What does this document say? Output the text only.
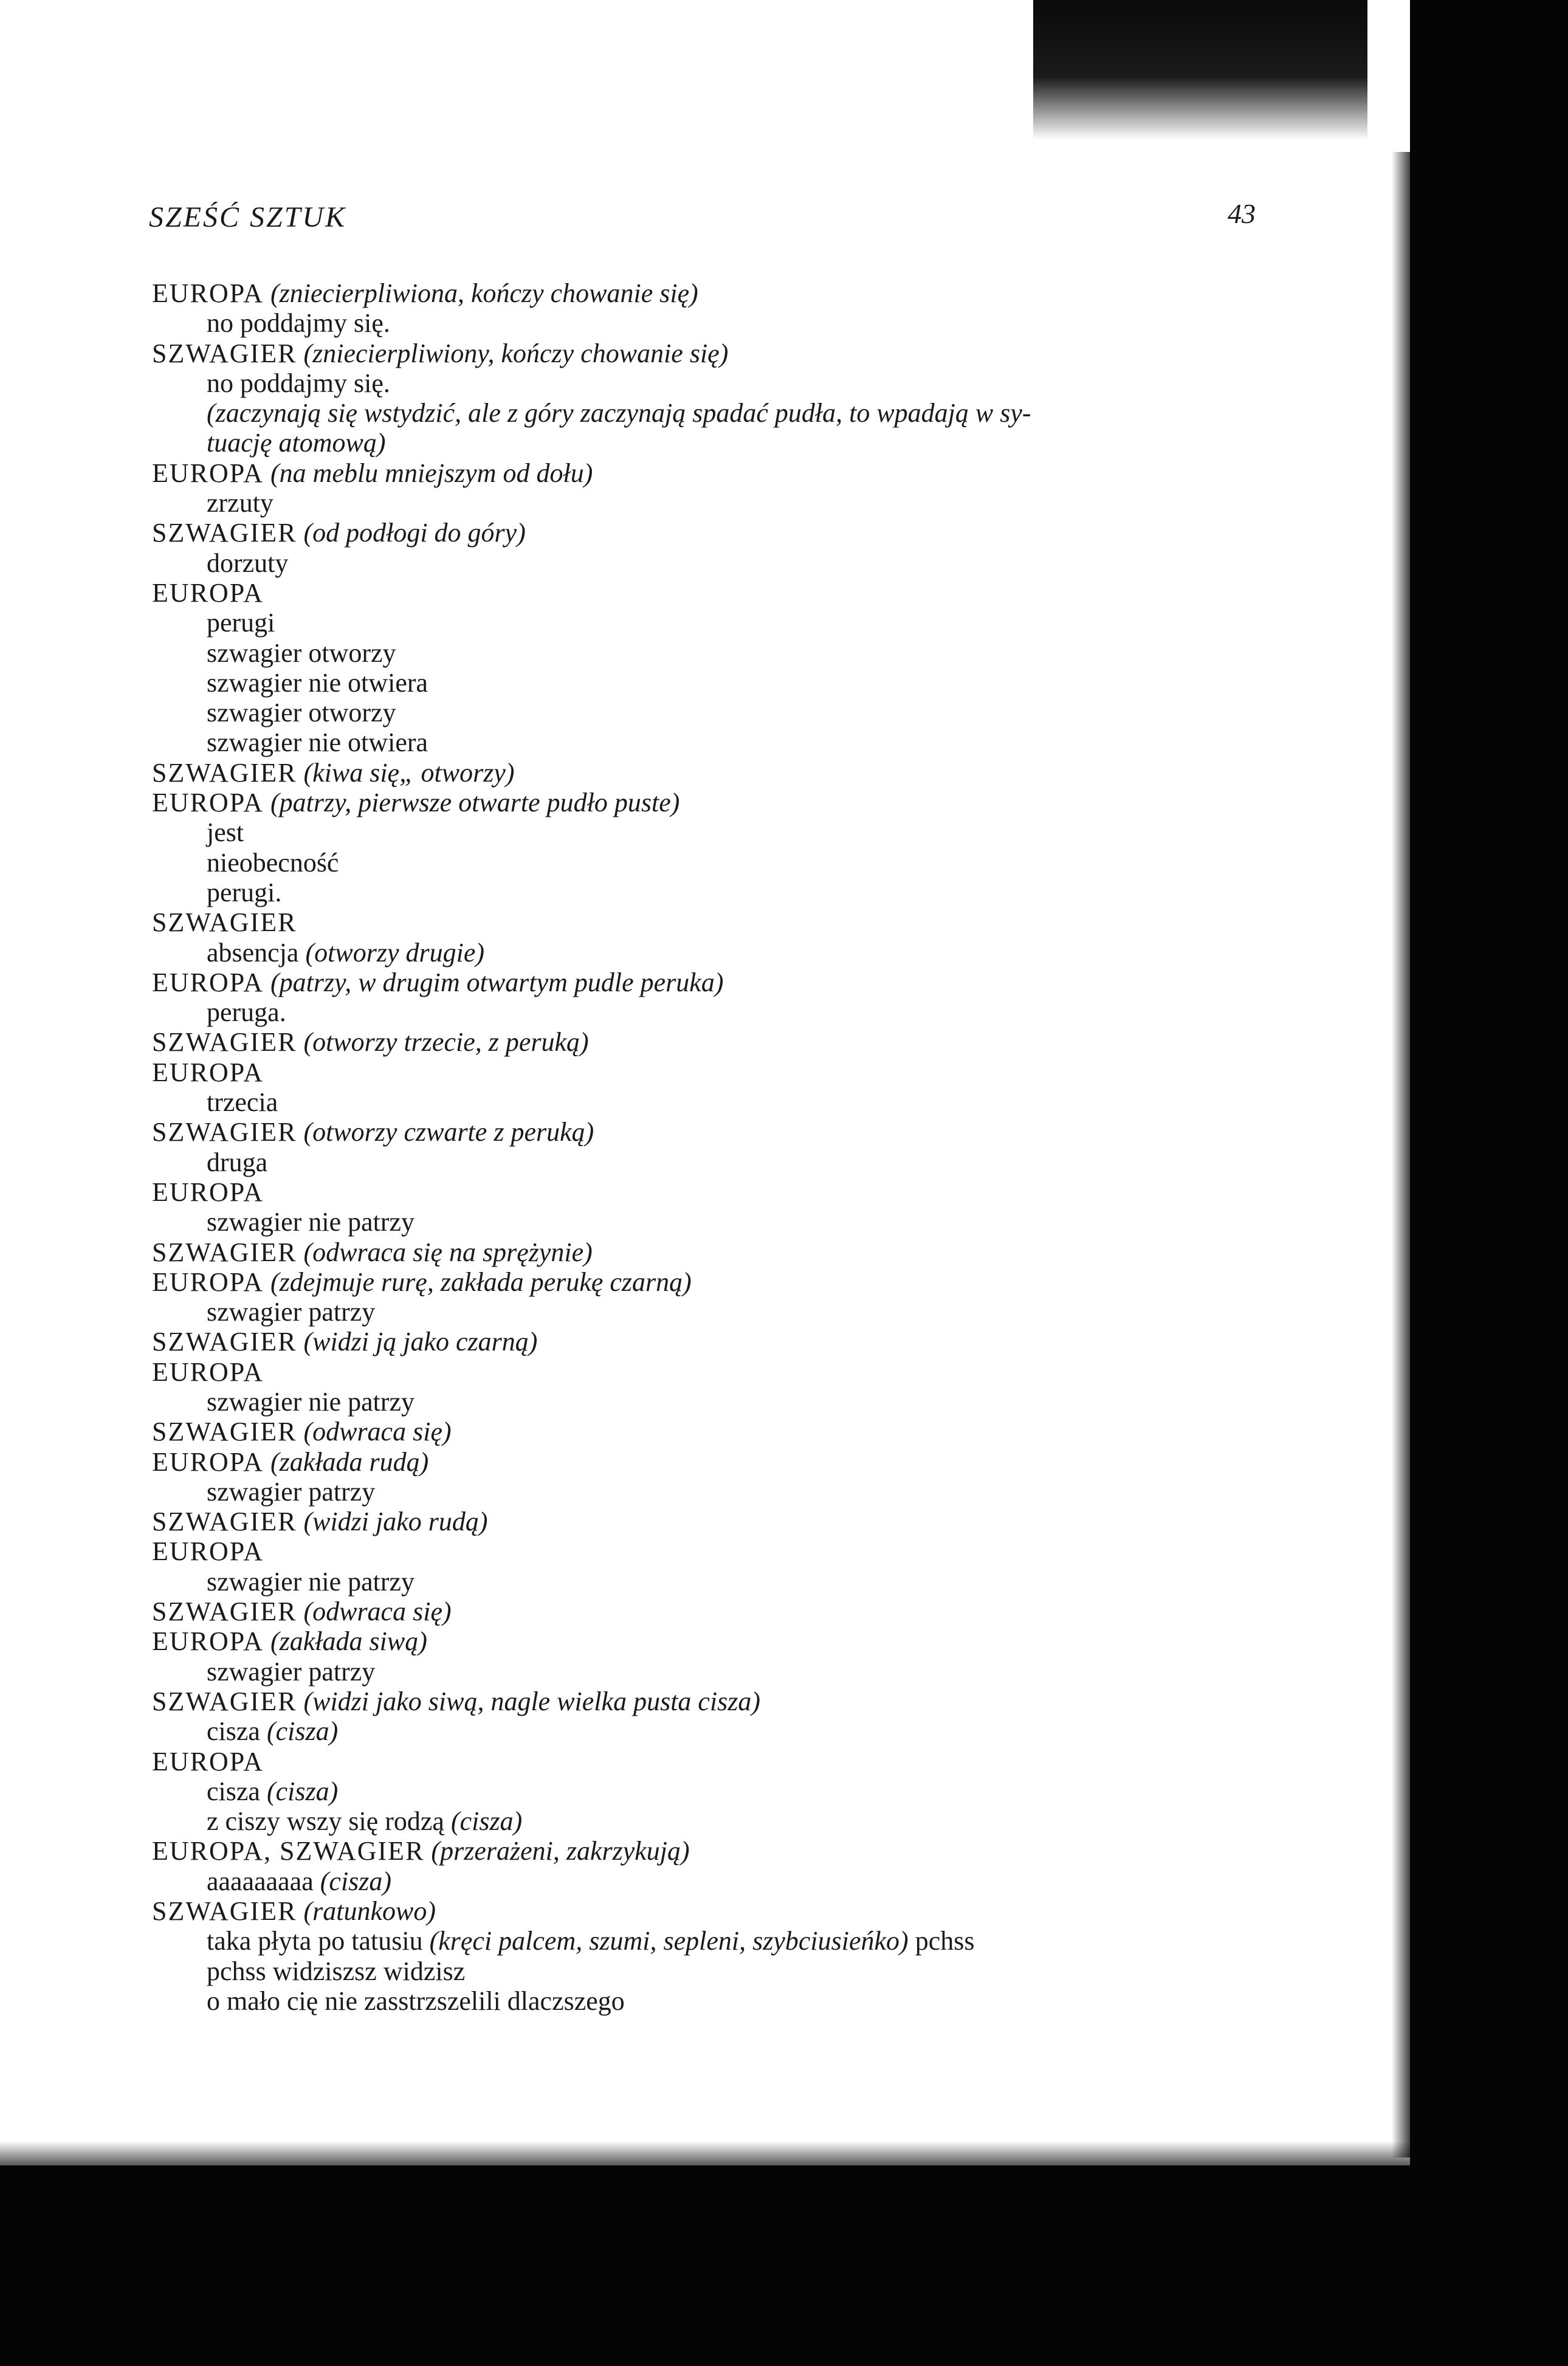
SZEŚĆ SZTUK	43
EUROPA (zniecierpliwiona, kończy chowanie się)
no poddajmy się.
SZWAGIER (zniecierpliwiony, kończy chowanie się)
no poddajmy się.
(zaczynają się wstydzić, ale z góry zaczynają spadać pudła, to wpadają w sy-
tuację atomową)
EUROPA (na meblu mniejszym od dołu)
zrzuty
SZWAGIER (od podłogi do góry)
dorzuty
EUROPA
perugi
szwagier otworzy
szwagier nie otwiera
szwagier otworzy
szwagier nie otwiera
SZWAGIER (kiwa się„ otworzy)
EUROPA (patrzy, pierwsze otwarte pudło puste)
jest
nieobecność
perugi.
SZWAGIER
absencja (otworzy drugie)
EUROPA (patrzy, w drugim otwartym pudle peruka)
peruga.
SZWAGIER (otworzy trzecie, z peruką)
EUROPA
trzecia
SZWAGIER (otworzy czwarte z peruką)
druga
EUROPA
szwagier nie patrzy
SZWAGIER (odwraca się na sprężynie)
EUROPA (zdejmuje rurę, zakłada perukę czarną)
szwagier patrzy
SZWAGIER (widzi ją jako czarną)
EUROPA
szwagier nie patrzy
SZWAGIER (odwraca się)
EUROPA (zakłada rudą)
szwagier patrzy
SZWAGIER (widzi jako rudą)
EUROPA
szwagier nie patrzy
SZWAGIER (odwraca się)
EUROPA (zakłada siwą)
szwagier patrzy
SZWAGIER (widzi jako siwą, nagle wielka pusta cisza)
cisza (cisza)
EUROPA
cisza (cisza)
z ciszy wszy się rodzą (cisza)
EUROPA, SZWAGIER (przerażeni, zakrzykują)
aaaaaaaaa (cisza)
SZWAGIER (ratunkowo)
taka płyta po tatusiu (kręci palcem, szumi, sepleni, szybciusieńko) pchss
pchss widziszsz widzisz
o mało cię nie zasstrzszelili dlaczszego
